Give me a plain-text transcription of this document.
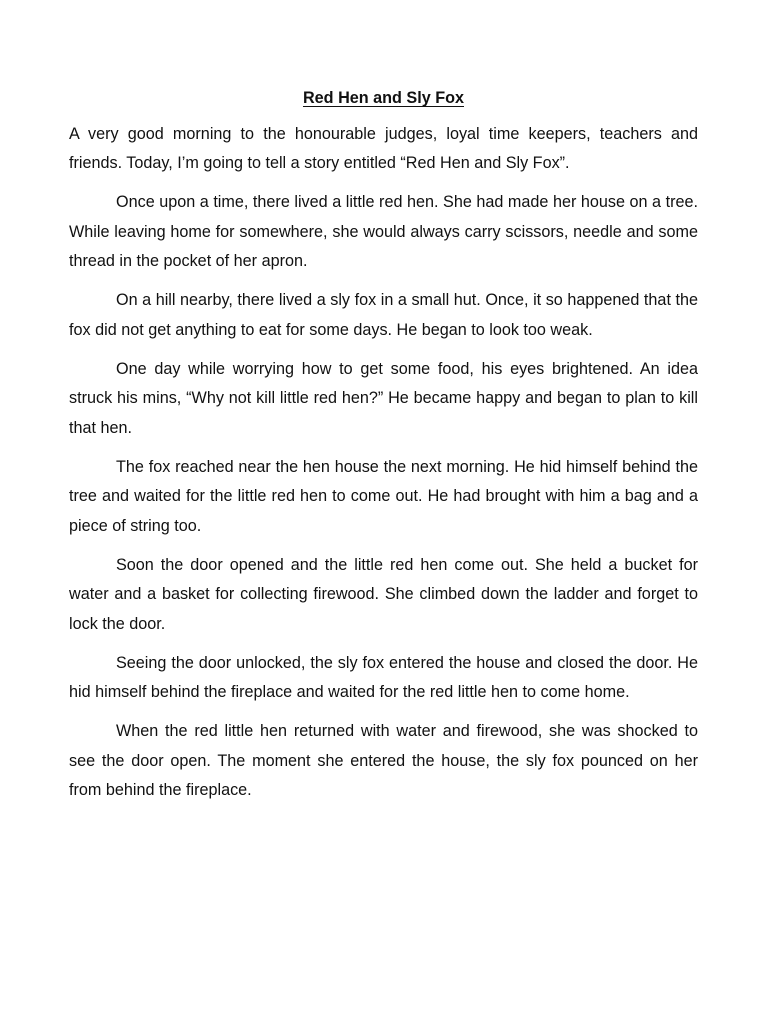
Red Hen and Sly Fox

A very good morning to the honourable judges, loyal time keepers, teachers and friends. Today, I’m going to tell a story entitled “Red Hen and Sly Fox”.

Once upon a time, there lived a little red hen. She had made her house on a tree. While leaving home for somewhere, she would always carry scissors, needle and some thread in the pocket of her apron.

On a hill nearby, there lived a sly fox in a small hut. Once, it so happened that the fox did not get anything to eat for some days. He began to look too weak.

One day while worrying how to get some food, his eyes brightened. An idea struck his mins, “Why not kill little red hen?” He became happy and began to plan to kill that hen.

The fox reached near the hen house the next morning. He hid himself behind the tree and waited for the little red hen to come out. He had brought with him a bag and a piece of string too.

Soon the door opened and the little red hen come out. She held a bucket for water and a basket for collecting firewood. She climbed down the ladder and forget to lock the door.

Seeing the door unlocked, the sly fox entered the house and closed the door. He hid himself behind the fireplace and waited for the red little hen to come home.

When the red little hen returned with water and firewood, she was shocked to see the door open. The moment she entered the house, the sly fox pounced on her from behind the fireplace.
